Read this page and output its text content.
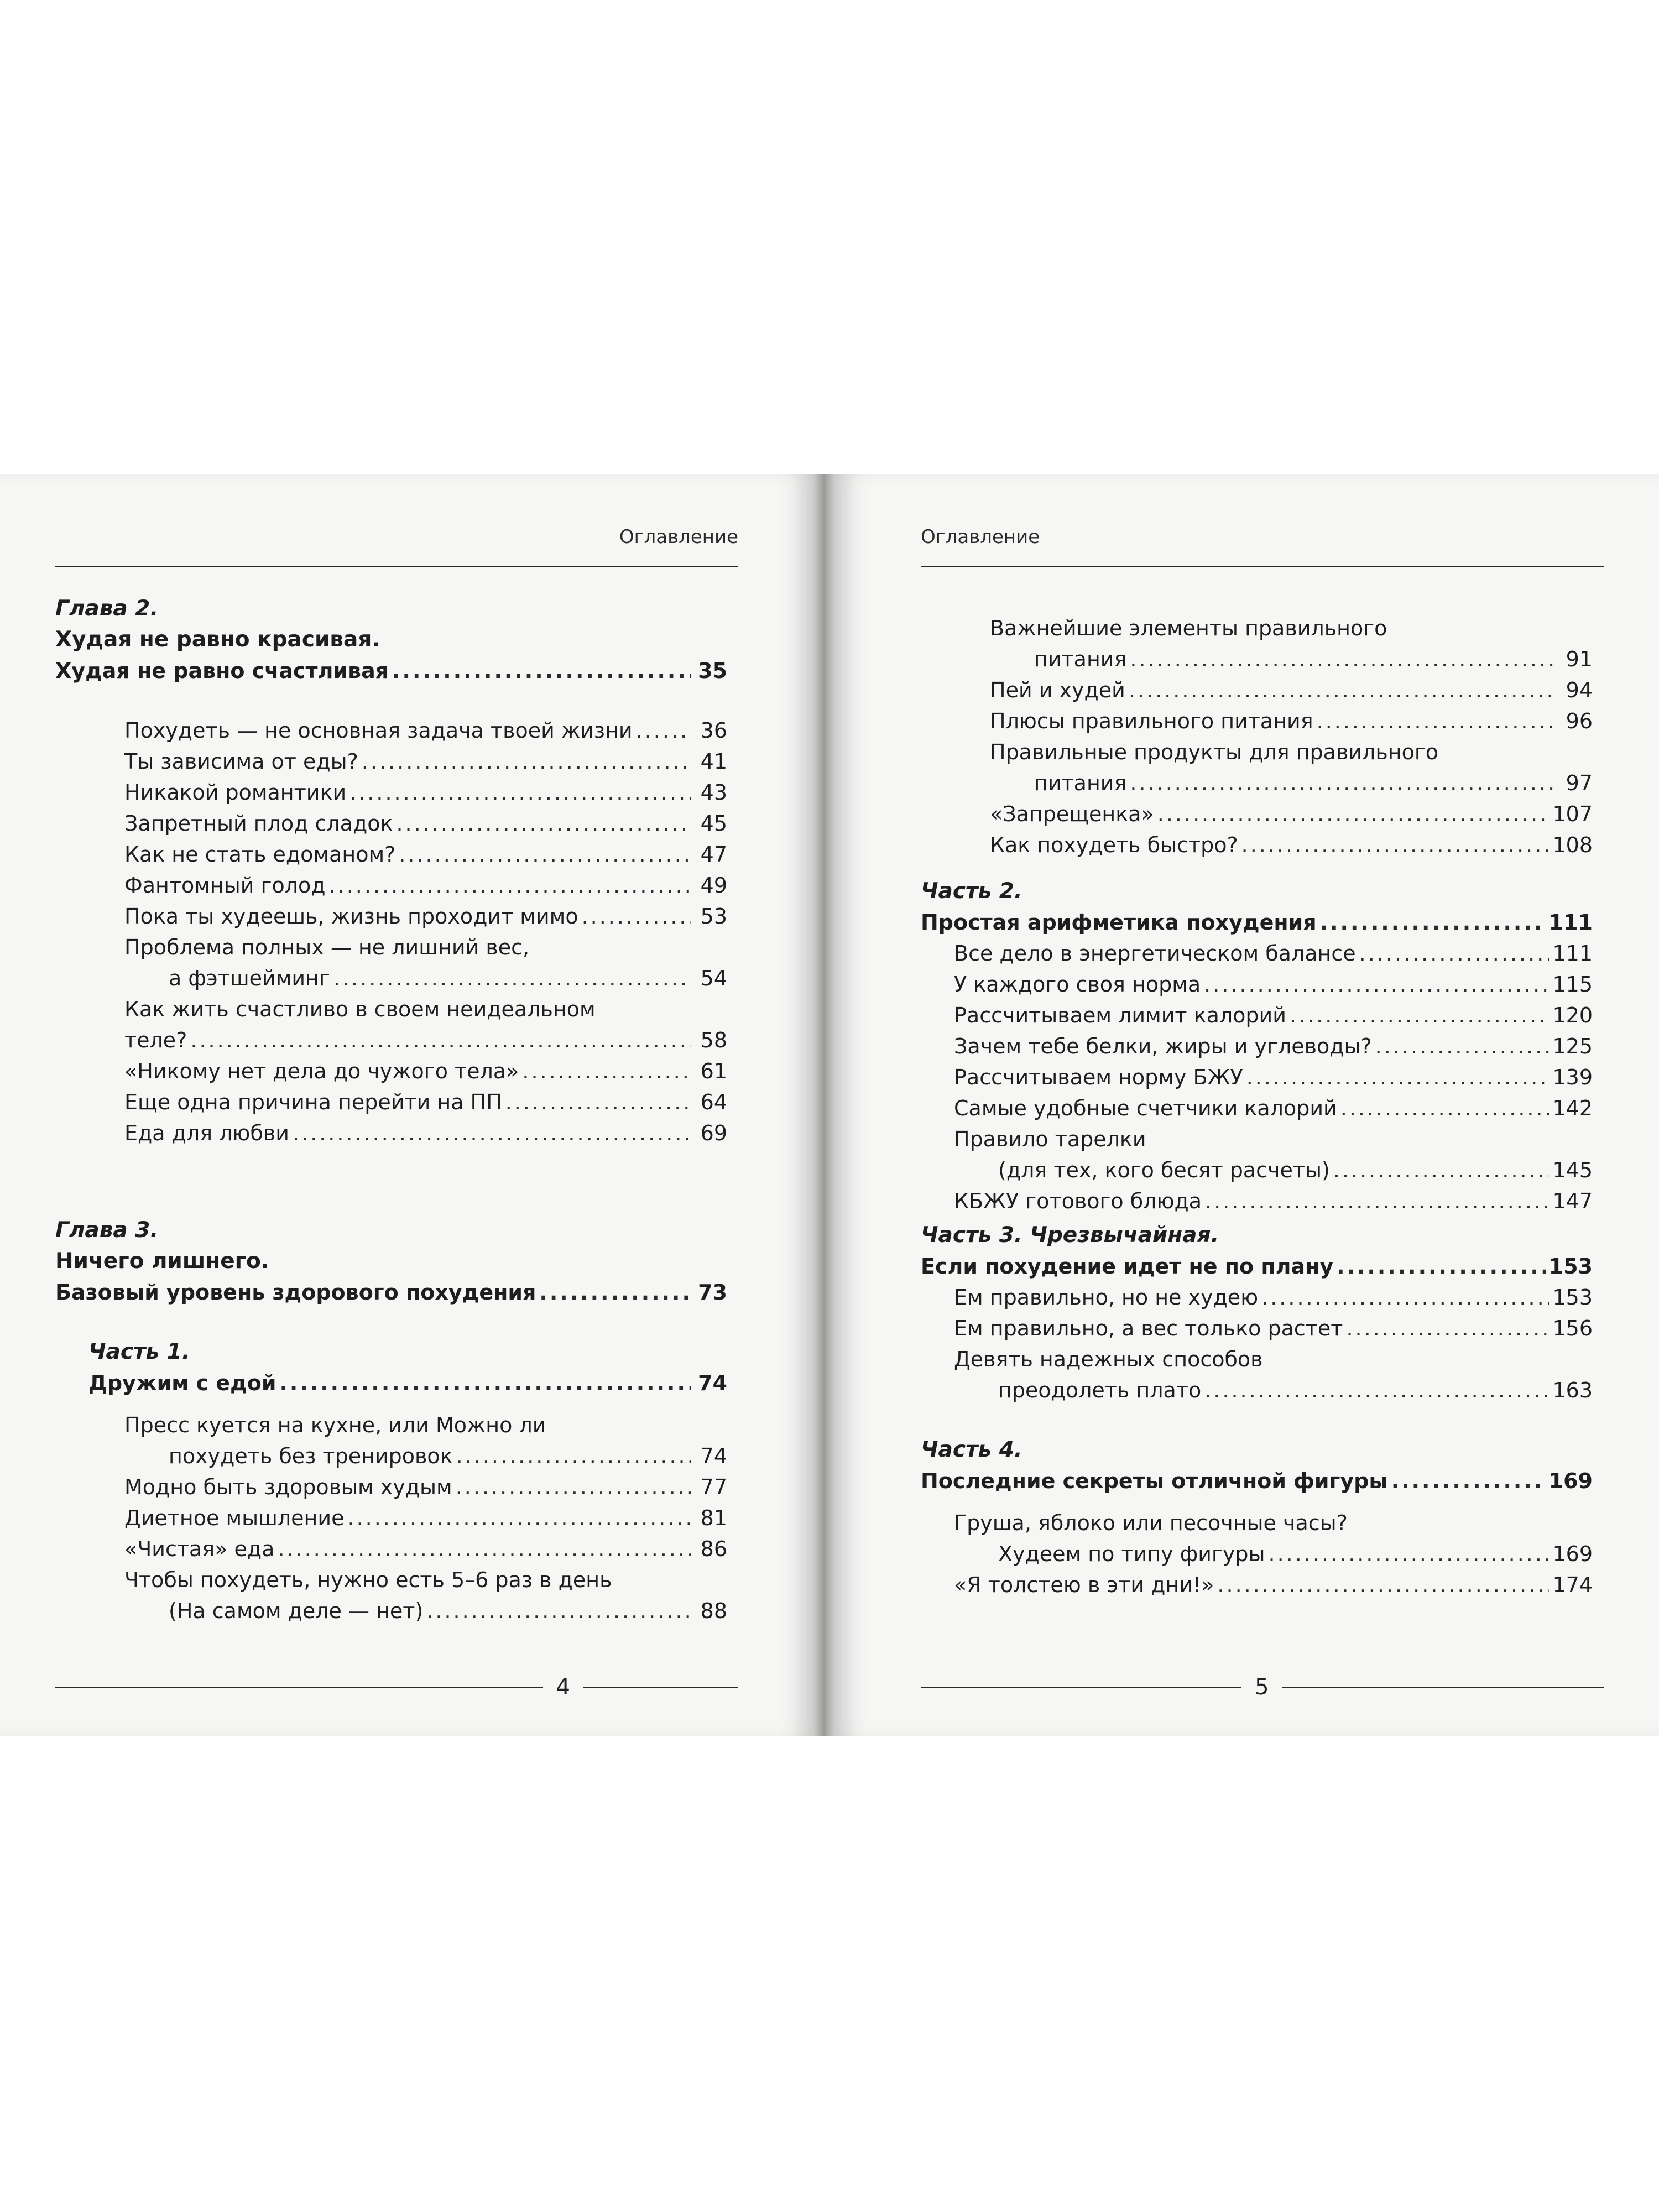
Оглавление
Глава 2.
Худая не равно красивая.
Худая не равно счастливая .....	35
Похудеть — не основная задача твоей жизни .....	36
Ты зависима от еды? .....	41
Никакой романтики .....	43
Запретный плод сладок .....	45
Как не стать едоманом? .....	47
Фантомный голод .....	49
Пока ты худеешь, жизнь проходит мимо .....	53
Проблема полных — не лишний вес,
а фэтшейминг .....	54
Как жить счастливо в своем неидеальном
теле? .....	58
«Никому нет дела до чужого тела» .....	61
Еще одна причина перейти на ПП .....	64
Еда для любви .....	69
Глава 3.
Ничего лишнего.
Базовый уровень здорового похудения .....	73
Часть 1.
Дружим с едой .....	74
Пресс куется на кухне, или Можно ли
похудеть без тренировок .....	74
Модно быть здоровым худым .....	77
Диетное мышление .....	81
«Чистая» еда .....	86
Чтобы похудеть, нужно есть 5–6 раз в день
(На самом деле — нет) .....	88
4
Оглавление
Важнейшие элементы правильного
питания .....	91
Пей и худей .....	94
Плюсы правильного питания .....	96
Правильные продукты для правильного
питания .....	97
«Запрещенка» .....	107
Как похудеть быстро? .....	108
Часть 2.
Простая арифметика похудения .....	111
Все дело в энергетическом балансе .....	111
У каждого своя норма .....	115
Рассчитываем лимит калорий .....	120
Зачем тебе белки, жиры и углеводы? .....	125
Рассчитываем норму БЖУ .....	139
Самые удобные счетчики калорий .....	142
Правило тарелки
(для тех, кого бесят расчеты) .....	145
КБЖУ готового блюда .....	147
Часть 3. Чрезвычайная.
Если похудение идет не по плану .....	153
Ем правильно, но не худею .....	153
Ем правильно, а вес только растет .....	156
Девять надежных способов
преодолеть плато .....	163
Часть 4.
Последние секреты отличной фигуры .....	169
Груша, яблоко или песочные часы?
Худеем по типу фигуры .....	169
«Я толстею в эти дни!» .....	174
5
